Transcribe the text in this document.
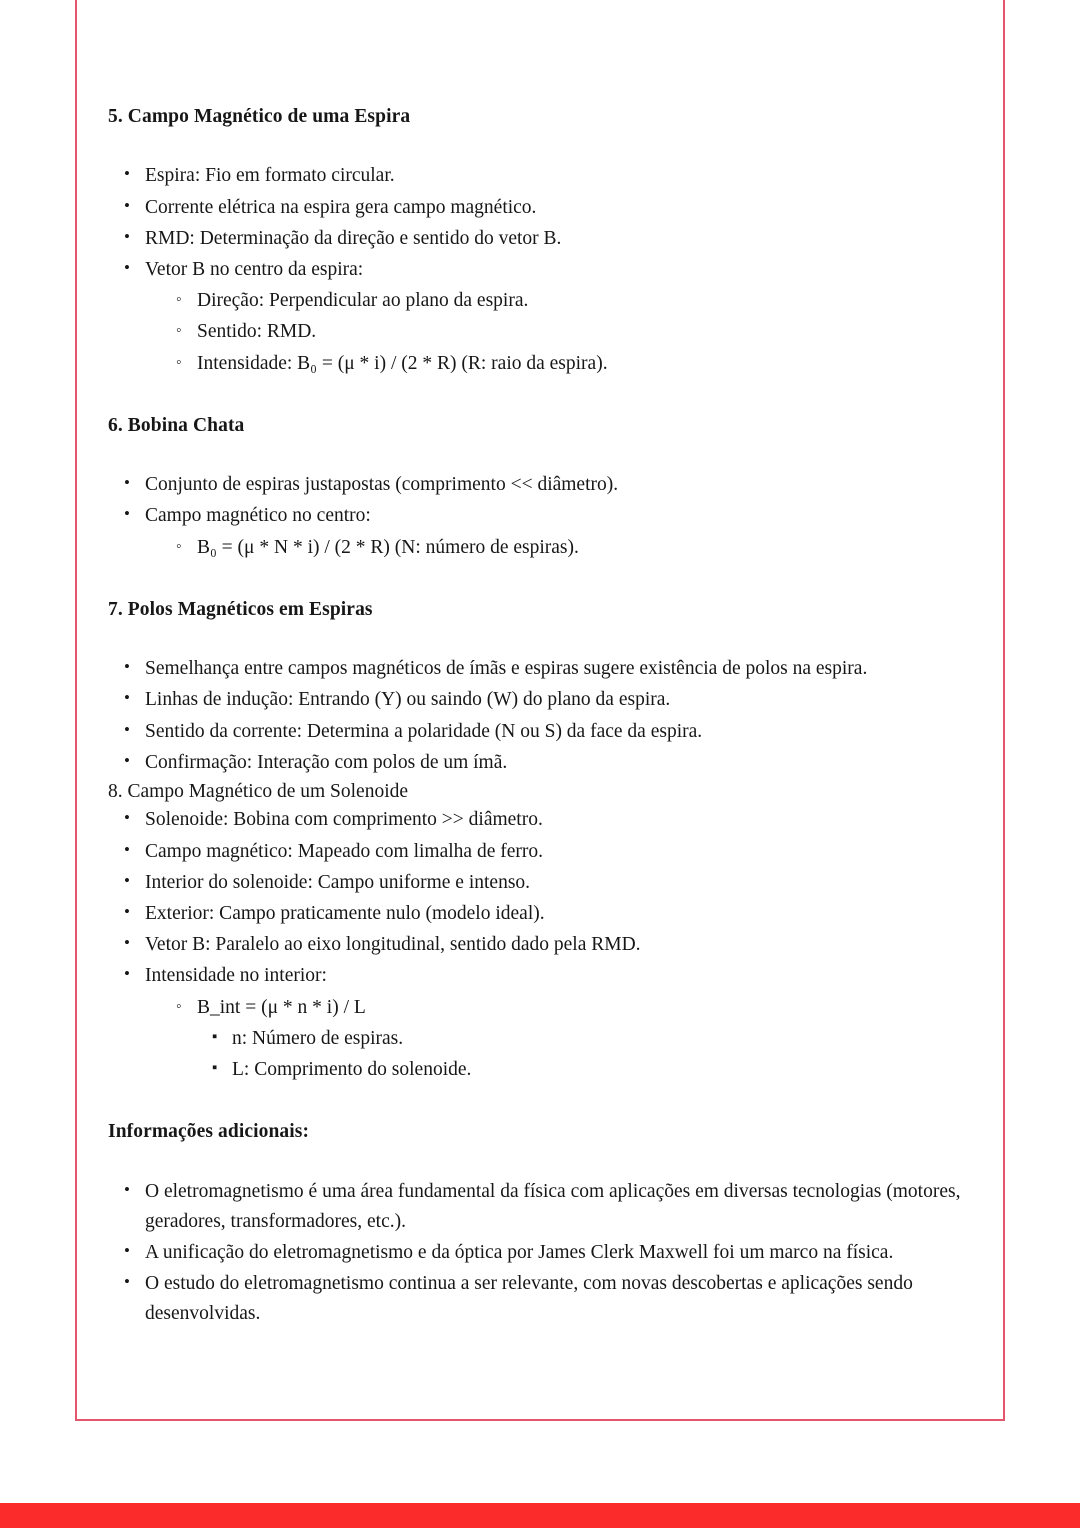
5. Campo Magnético de uma Espira
• Espira: Fio em formato circular.
• Corrente elétrica na espira gera campo magnético.
• RMD: Determinação da direção e sentido do vetor B.
• Vetor B no centro da espira:
◦ Direção: Perpendicular ao plano da espira.
◦ Sentido: RMD.
◦ Intensidade: B₀ = (μ * i) / (2 * R) (R: raio da espira).
6. Bobina Chata
• Conjunto de espiras justapostas (comprimento << diâmetro).
• Campo magnético no centro:
◦ B₀ = (μ * N * i) / (2 * R) (N: número de espiras).
7. Polos Magnéticos em Espiras
• Semelhança entre campos magnéticos de ímãs e espiras sugere existência de polos na espira.
• Linhas de indução: Entrando (Y) ou saindo (W) do plano da espira.
• Sentido da corrente: Determina a polaridade (N ou S) da face da espira.
• Confirmação: Interação com polos de um ímã.

8. Campo Magnético de um Solenoide

• Solenoide: Bobina com comprimento >> diâmetro.
• Campo magnético: Mapeado com limalha de ferro.
• Interior do solenoide: Campo uniforme e intenso.
• Exterior: Campo praticamente nulo (modelo ideal).
• Vetor B: Paralelo ao eixo longitudinal, sentido dado pela RMD.
• Intensidade no interior:
◦ B_int = (μ * n * i) / L
▪ n: Número de espiras.
▪ L: Comprimento do solenoide.
Informações adicionais:
• O eletromagnetismo é uma área fundamental da física com aplicações em diversas tecnologias (motores, geradores, transformadores, etc.).
• A unificação do eletromagnetismo e da óptica por James Clerk Maxwell foi um marco na física.
• O estudo do eletromagnetismo continua a ser relevante, com novas descobertas e aplicações sendo desenvolvidas.
